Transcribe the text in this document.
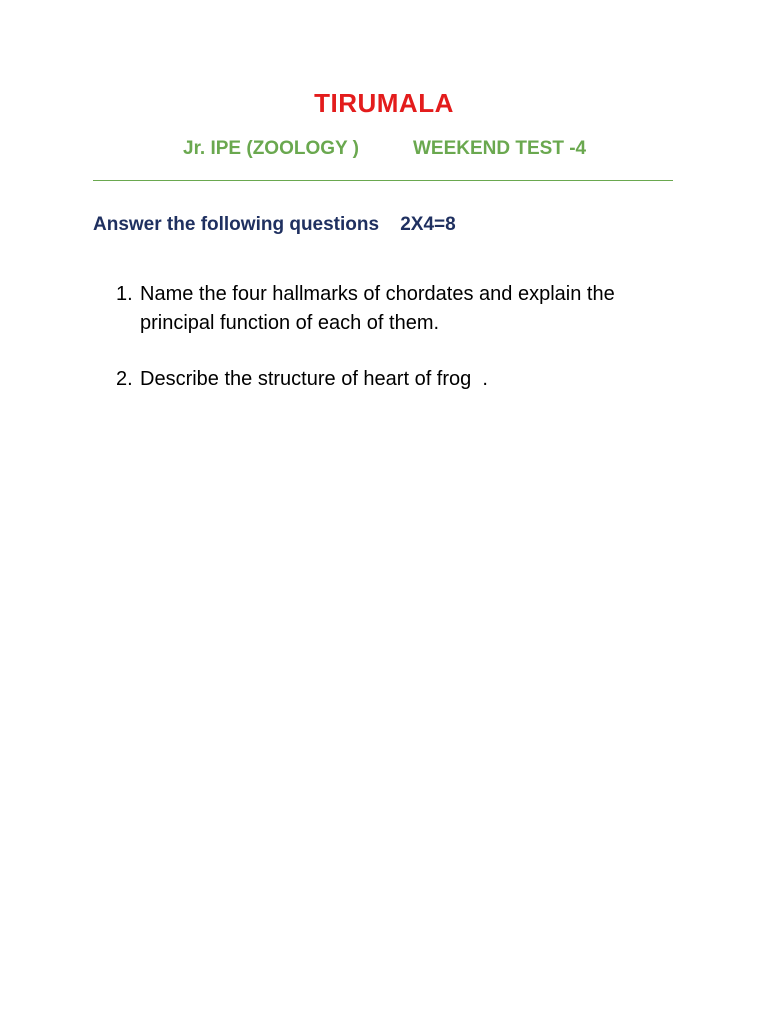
TIRUMALA
Jr. IPE (ZOOLOGY )	WEEKEND TEST -4
Answer the following questions 2X4=8
1. Name the four hallmarks of chordates and explain the principal function of each of them.
2. Describe the structure of heart of frog  .
